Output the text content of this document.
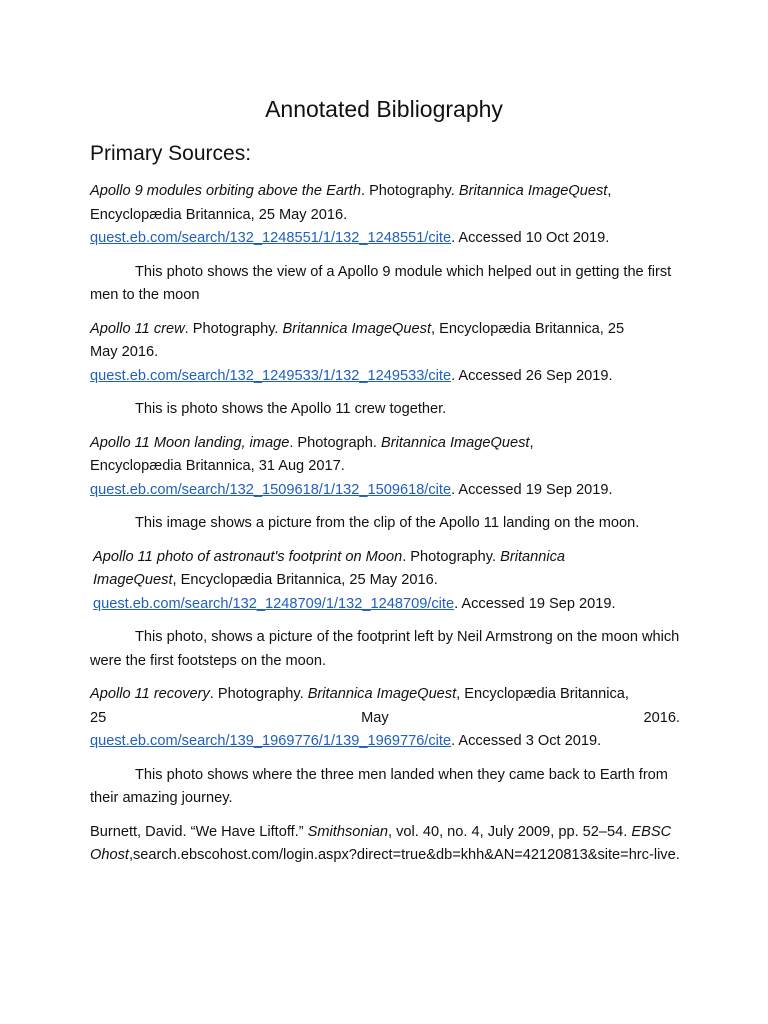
Annotated Bibliography
Primary Sources:
Apollo 9 modules orbiting above the Earth. Photography. Britannica ImageQuest,
Encyclopædia Britannica, 25 May 2016.
quest.eb.com/search/132_1248551/1/132_1248551/cite. Accessed 10 Oct 2019.
This photo shows the view of a Apollo 9 module which helped out in getting the first men to the moon
Apollo 11 crew. Photography. Britannica ImageQuest, Encyclopædia Britannica, 25
May 2016.
quest.eb.com/search/132_1249533/1/132_1249533/cite. Accessed 26 Sep 2019.
This is photo shows the Apollo 11 crew together.
Apollo 11 Moon landing, image. Photograph. Britannica ImageQuest,
Encyclopædia Britannica, 31 Aug 2017.
quest.eb.com/search/132_1509618/1/132_1509618/cite. Accessed 19 Sep 2019.
This image shows a picture from the clip of the Apollo 11 landing on the moon.
Apollo 11 photo of astronaut's footprint on Moon. Photography. Britannica
ImageQuest, Encyclopædia Britannica, 25 May 2016.
quest.eb.com/search/132_1248709/1/132_1248709/cite. Accessed 19 Sep 2019.
This photo, shows a picture of the footprint left by Neil Armstrong on the moon which were the first footsteps on the moon.
Apollo 11 recovery. Photography. Britannica ImageQuest, Encyclopædia Britannica,
25	May	2016.
quest.eb.com/search/139_1969776/1/139_1969776/cite. Accessed 3 Oct 2019.
This photo shows where the three men landed when they came back to Earth from their amazing journey.
Burnett, David. “We Have Liftoff.” Smithsonian, vol. 40, no. 4, July 2009, pp. 52–54. EBSCOhost,search.ebscohost.com/login.aspx?direct=true&db=khh&AN=42120813&site=hrc-live.
